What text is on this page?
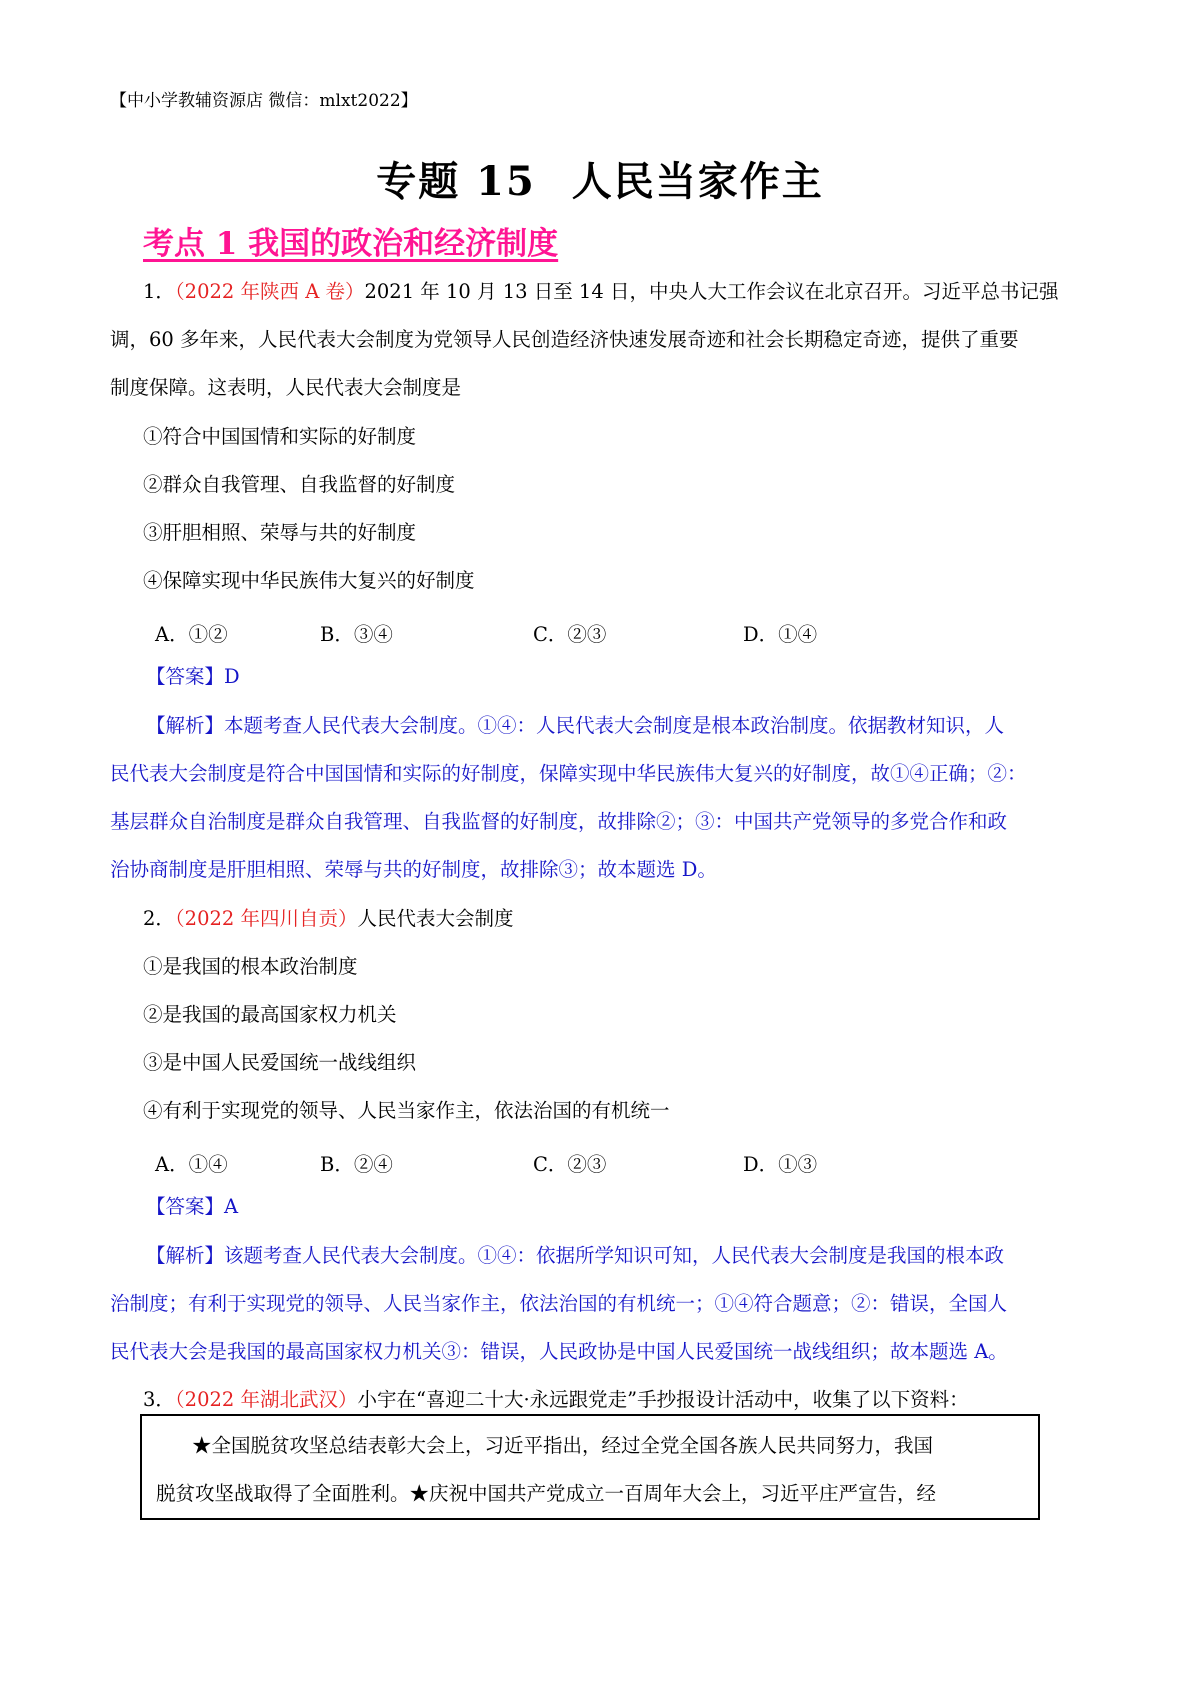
【中小学教辅资源店 微信：mlxt2022】
专题 15 人民当家作主
考点 1 我国的政治和经济制度
1．（2022 年陕西 A 卷）2021 年 10 月 13 日至 14 日，中央人大工作会议在北京召开。习近平总书记强
调，60 多年来，人民代表大会制度为党领导人民创造经济快速发展奇迹和社会长期稳定奇迹，提供了重要
制度保障。这表明，人民代表大会制度是
①符合中国国情和实际的好制度
②群众自我管理、自我监督的好制度
③肝胆相照、荣辱与共的好制度
④保障实现中华民族伟大复兴的好制度
A．①②	B．③④	C．②③	D．①④
【答案】D
【解析】本题考查人民代表大会制度。①④：人民代表大会制度是根本政治制度。依据教材知识，人
民代表大会制度是符合中国国情和实际的好制度，保障实现中华民族伟大复兴的好制度，故①④正确；②：
基层群众自治制度是群众自我管理、自我监督的好制度，故排除②；③：中国共产党领导的多党合作和政
治协商制度是肝胆相照、荣辱与共的好制度，故排除③；故本题选 D。
2．（2022 年四川自贡）人民代表大会制度
①是我国的根本政治制度
②是我国的最高国家权力机关
③是中国人民爱国统一战线组织
④有利于实现党的领导、人民当家作主，依法治国的有机统一
A．①④	B．②④	C．②③	D．①③
【答案】A
【解析】该题考查人民代表大会制度。①④：依据所学知识可知，人民代表大会制度是我国的根本政
治制度；有利于实现党的领导、人民当家作主，依法治国的有机统一；①④符合题意；②：错误，全国人
民代表大会是我国的最高国家权力机关③：错误，人民政协是中国人民爱国统一战线组织；故本题选 A。
3．（2022 年湖北武汉）小宇在“喜迎二十大·永远跟党走”手抄报设计活动中，收集了以下资料：
★全国脱贫攻坚总结表彰大会上，习近平指出，经过全党全国各族人民共同努力，我国
脱贫攻坚战取得了全面胜利。★庆祝中国共产党成立一百周年大会上，习近平庄严宣告，经
